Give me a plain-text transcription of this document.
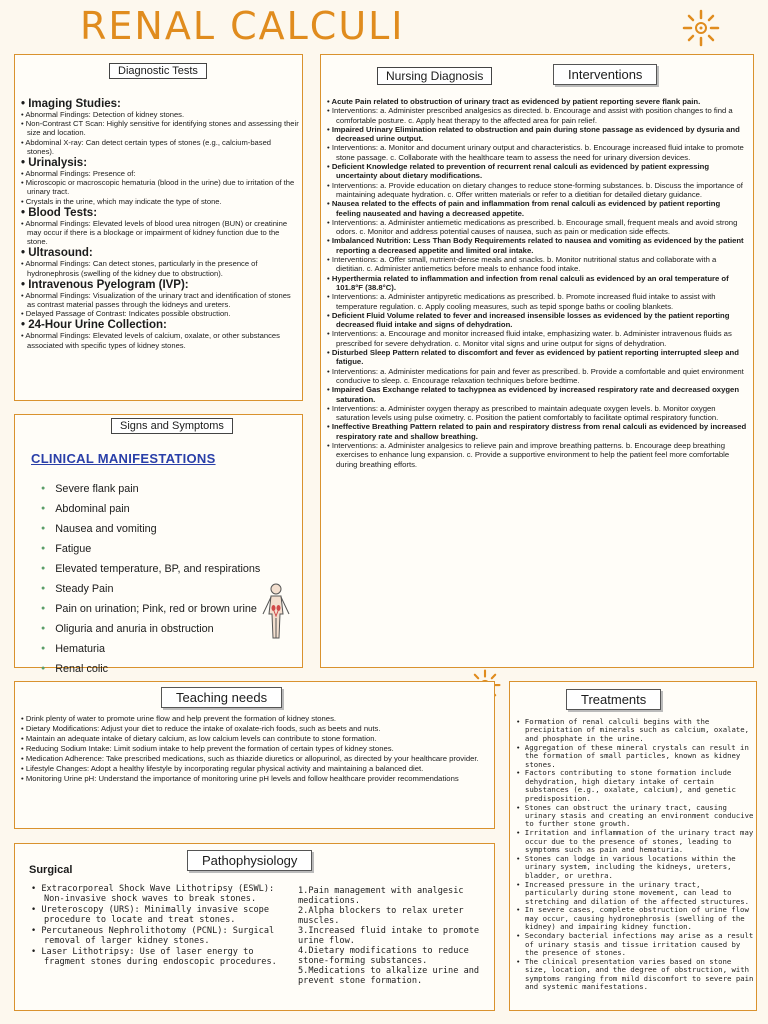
RENAL CALCULI
Diagnostic Tests
• Imaging Studies:
• Abnormal Findings: Detection of kidney stones.
• Non-Contrast CT Scan: Highly sensitive for identifying stones and assessing their size and location.
• Abdominal X-ray: Can detect certain types of stones (e.g., calcium-based stones).
• Urinalysis:
• Abnormal Findings: Presence of:
• Microscopic or macroscopic hematuria (blood in the urine) due to irritation of the urinary tract.
• Crystals in the urine, which may indicate the type of stone.
• Blood Tests:
• Abnormal Findings: Elevated levels of blood urea nitrogen (BUN) or creatinine may occur if there is a blockage or impairment of kidney function due to the stone.
• Ultrasound:
• Abnormal Findings: Can detect stones, particularly in the presence of hydronephrosis (swelling of the kidney due to obstruction).
• Intravenous Pyelogram (IVP):
• Abnormal Findings: Visualization of the urinary tract and identification of stones as contrast material passes through the kidneys and ureters.
• Delayed Passage of Contrast: Indicates possible obstruction.
• 24-Hour Urine Collection:
• Abnormal Findings: Elevated levels of calcium, oxalate, or other substances associated with specific types of kidney stones.
Signs and Symptoms
CLINICAL MANIFESTATIONS
● Severe flank pain
● Abdominal pain
● Nausea and vomiting
● Fatigue
● Elevated temperature, BP, and respirations
● Steady Pain
● Pain on urination; Pink, red or brown urine
● Oliguria and anuria in obstruction
● Hematuria
● Renal colic
●
Nursing Diagnosis	Interventions
• Acute Pain related to obstruction of urinary tract as evidenced by patient reporting severe flank pain.
• Interventions: a. Administer prescribed analgesics as directed. b. Encourage and assist with position changes to find a comfortable posture. c. Apply heat therapy to the affected area for pain relief.
• Impaired Urinary Elimination related to obstruction and pain during stone passage as evidenced by dysuria and decreased urine output.
• Interventions: a. Monitor and document urinary output and characteristics. b. Encourage increased fluid intake to promote stone passage. c. Collaborate with the healthcare team to assess the need for urinary diversion devices.
• Deficient Knowledge related to prevention of recurrent renal calculi as evidenced by patient expressing uncertainty about dietary modifications.
• Interventions: a. Provide education on dietary changes to reduce stone-forming substances. b. Discuss the importance of maintaining adequate hydration. c. Offer written materials or refer to a dietitian for detailed dietary guidance.
• Nausea related to the effects of pain and inflammation from renal calculi as evidenced by patient reporting feeling nauseated and having a decreased appetite.
• Interventions: a. Administer antiemetic medications as prescribed. b. Encourage small, frequent meals and avoid strong odors. c. Monitor and address potential causes of nausea, such as pain or medication side effects.
• Imbalanced Nutrition: Less Than Body Requirements related to nausea and vomiting as evidenced by the patient reporting a decreased appetite and limited oral intake.
• Interventions: a. Offer small, nutrient-dense meals and snacks. b. Monitor nutritional status and collaborate with a dietitian. c. Administer antiemetics before meals to enhance food intake.
• Hyperthermia related to inflammation and infection from renal calculi as evidenced by an oral temperature of 101.8°F (38.8°C).
• Interventions: a. Administer antipyretic medications as prescribed. b. Promote increased fluid intake to assist with temperature regulation. c. Apply cooling measures, such as tepid sponge baths or cooling blankets.
• Deficient Fluid Volume related to fever and increased insensible losses as evidenced by the patient reporting decreased fluid intake and signs of dehydration.
• Interventions: a. Encourage and monitor increased fluid intake, emphasizing water. b. Administer intravenous fluids as prescribed for severe dehydration. c. Monitor vital signs and urine output for signs of dehydration.
• Disturbed Sleep Pattern related to discomfort and fever as evidenced by patient reporting interrupted sleep and fatigue.
• Interventions: a. Administer medications for pain and fever as prescribed. b. Provide a comfortable and quiet environment conducive to sleep. c. Encourage relaxation techniques before bedtime.
• Impaired Gas Exchange related to tachypnea as evidenced by increased respiratory rate and decreased oxygen saturation.
• Interventions: a. Administer oxygen therapy as prescribed to maintain adequate oxygen levels. b. Monitor oxygen saturation levels using pulse oximetry. c. Position the patient comfortably to facilitate optimal respiratory function.
• Ineffective Breathing Pattern related to pain and respiratory distress from renal calculi as evidenced by increased respiratory rate and shallow breathing.
• Interventions: a. Administer analgesics to relieve pain and improve breathing patterns. b. Encourage deep breathing exercises to enhance lung expansion. c. Provide a supportive environment to help the patient feel more comfortable during breathing efforts.
Teaching needs
• Drink plenty of water to promote urine flow and help prevent the formation of kidney stones.
• Dietary Modifications: Adjust your diet to reduce the intake of oxalate-rich foods, such as beets and nuts.
• Maintain an adequate intake of dietary calcium, as low calcium levels can contribute to stone formation.
• Reducing Sodium Intake: Limit sodium intake to help prevent the formation of certain types of kidney stones.
• Medication Adherence: Take prescribed medications, such as thiazide diuretics or allopurinol, as directed by your healthcare provider.
• Lifestyle Changes: Adopt a healthy lifestyle by incorporating regular physical activity and maintaining a balanced diet.
• Monitoring Urine pH: Understand the importance of monitoring urine pH levels and follow healthcare provider recommendations
Pathophysiology
Surgical
• Extracorporeal Shock Wave Lithotripsy (ESWL): Non-invasive shock waves to break stones.
• Ureteroscopy (URS): Minimally invasive scope procedure to locate and treat stones.
• Percutaneous Nephrolithotomy (PCNL): Surgical removal of larger kidney stones.
• Laser Lithotripsy: Use of laser energy to fragment stones during endoscopic procedures.
1.Pain management with analgesic medications.
2.Alpha blockers to relax ureter muscles.
3.Increased fluid intake to promote urine flow.
4.Dietary modifications to reduce stone-forming substances.
5.Medications to alkalize urine and prevent stone formation.
Treatments
• Formation of renal calculi begins with the precipitation of minerals such as calcium, oxalate, and phosphate in the urine.
• Aggregation of these mineral crystals can result in the formation of small particles, known as kidney stones.
• Factors contributing to stone formation include dehydration, high dietary intake of certain substances (e.g., oxalate, calcium), and genetic predisposition.
• Stones can obstruct the urinary tract, causing urinary stasis and creating an environment conducive to further stone growth.
• Irritation and inflammation of the urinary tract may occur due to the presence of stones, leading to symptoms such as pain and hematuria.
• Stones can lodge in various locations within the urinary system, including the kidneys, ureters, bladder, or urethra.
• Increased pressure in the urinary tract, particularly during stone movement, can lead to stretching and dilation of the affected structures.
• In severe cases, complete obstruction of urine flow may occur, causing hydronephrosis (swelling of the kidney) and impairing kidney function.
• Secondary bacterial infections may arise as a result of urinary stasis and tissue irritation caused by the presence of stones.
• The clinical presentation varies based on stone size, location, and the degree of obstruction, with symptoms ranging from mild discomfort to severe pain and systemic manifestations.
